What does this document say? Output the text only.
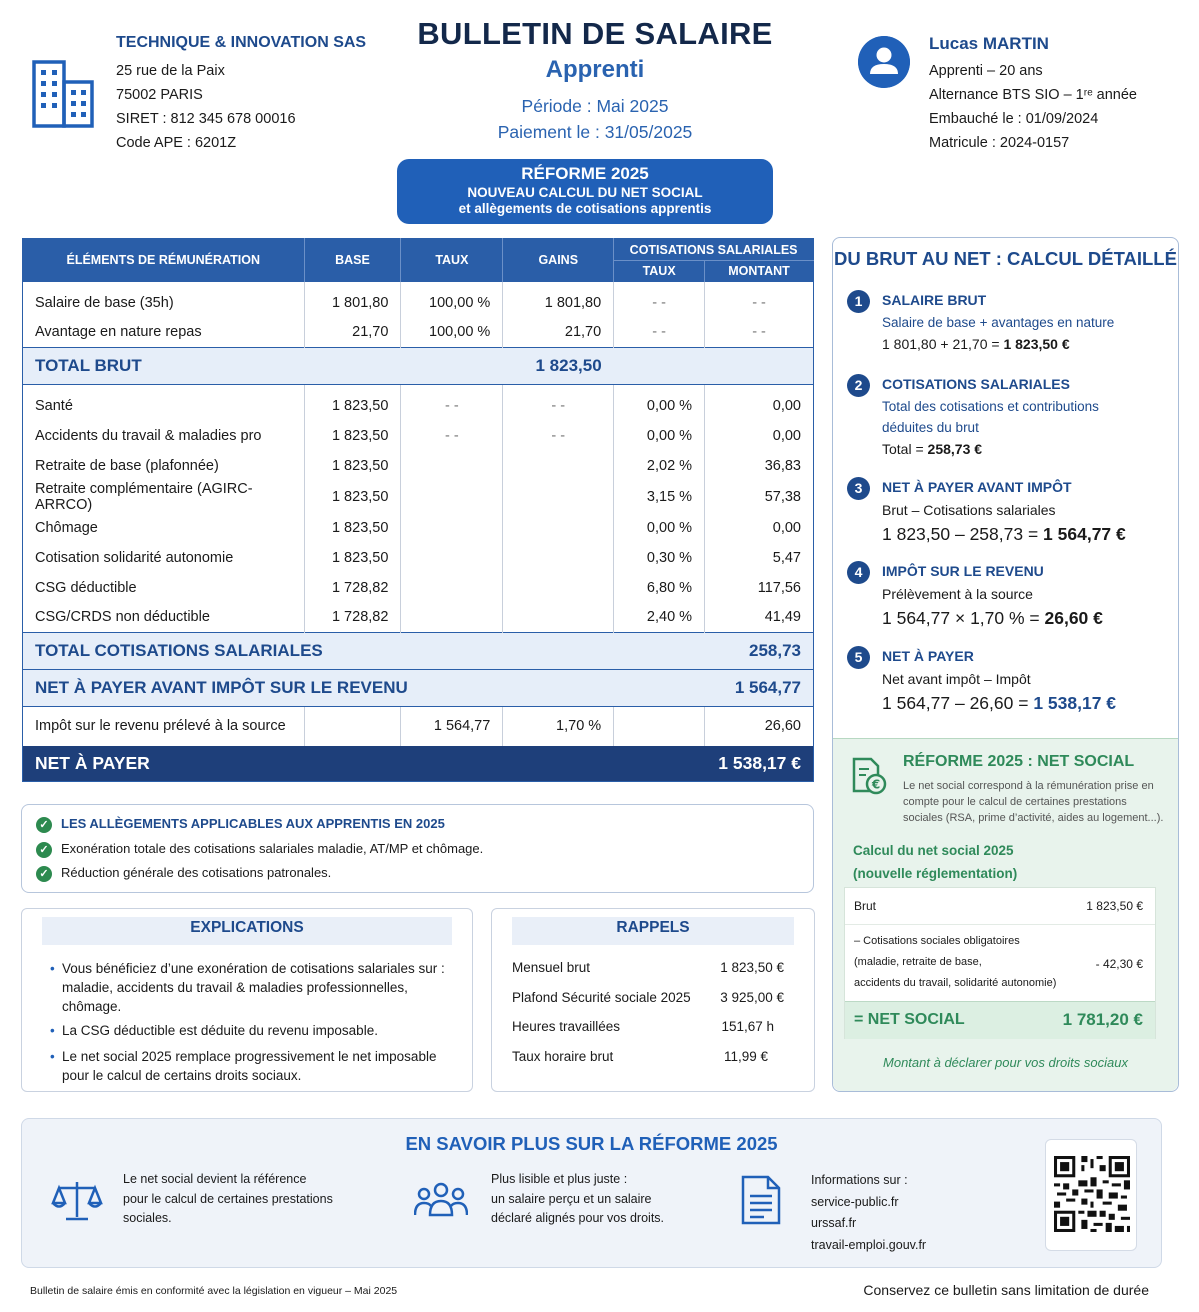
TECHNIQUE & INNOVATION SAS
25 rue de la Paix
75002 PARIS
SIRET : 812 345 678 00016
Code APE : 6201Z
BULLETIN DE SALAIRE
Apprenti
Période : Mai 2025
Paiement le : 31/05/2025
RÉFORME 2025
NOUVEAU CALCUL DU NET SOCIAL
et allègements de cotisations apprentis
Lucas MARTIN
Apprenti – 20 ans
Alternance BTS SIO – 1ʳᵉ année
Embauché le : 01/09/2024
Matricule : 2024-0157
ÉLÉMENTS DE RÉMUNÉRATION	BASE	TAUX	GAINS	COTISATIONS SALARIALES	
				TAUX	MONTANT

Salaire de base (35h)	1 801,80	100,00 %	1 801,80	- -	- -
Avantage en nature repas	21,70	100,00 %	21,70	- -	- -
TOTAL BRUT			1 823,50		

Santé	1 823,50	- -	- -	0,00 %	0,00
Accidents du travail & maladies pro	1 823,50	- -	- -	0,00 %	0,00
Retraite de base (plafonnée)	1 823,50			2,02 %	36,83
Retraite complémentaire (AGIRC-ARRCO)	1 823,50			3,15 %	57,38
Chômage	1 823,50			0,00 %	0,00
Cotisation solidarité autonomie	1 823,50			0,30 %	5,47
CSG déductible	1 728,82			6,80 %	117,56
CSG/CRDS non déductible	1 728,82			2,40 %	41,49
TOTAL COTISATIONS SALARIALES					258,73
NET À PAYER AVANT IMPÔT SUR LE REVENU					1 564,77
Impôt sur le revenu prélevé à la source		1 564,77	1,70 %		26,60
NET À PAYER					1 538,17 €
✓ LES ALLÈGEMENTS APPLICABLES AUX APPRENTIS EN 2025
✓ Exonération totale des cotisations salariales maladie, AT/MP et chômage.
✓ Réduction générale des cotisations patronales.
EXPLICATIONS
• Vous bénéficiez d’une exonération de cotisations salariales sur : maladie, accidents du travail & maladies professionnelles, chômage.
• La CSG déductible est déduite du revenu imposable.
• Le net social 2025 remplace progressivement le net imposable pour le calcul de certains droits sociaux.
RAPPELS
Mensuel brut	1 823,50 €
Plafond Sécurité sociale 2025 3 925,00 €
Heures travaillées	151,67 h
Taux horaire brut	11,99 €
DU BRUT AU NET : CALCUL DÉTAILLÉ
1	SALAIRE BRUT
Salaire de base + avantages en nature
1 801,80 + 21,70 = 1 823,50 €
2	COTISATIONS SALARIALES
Total des cotisations et contributions
déduites du brut
Total = 258,73 €
3	NET À PAYER AVANT IMPÔT
Brut – Cotisations salariales
1 823,50 – 258,73 = 1 564,77 €
4	IMPÔT SUR LE REVENU
Prélèvement à la source
1 564,77 × 1,70 % = 26,60 €
5	NET À PAYER
Net avant impôt – Impôt
1 564,77 – 26,60 = 1 538,17 €
€
RÉFORME 2025 : NET SOCIAL
Le net social correspond à la rémunération prise en compte pour le calcul de certaines prestations sociales (RSA, prime d’activité, aides au logement...).
Calcul du net social 2025
(nouvelle réglementation)
Brut	1 823,50 €
– Cotisations sociales obligatoires
(maladie, retraite de base,
accidents du travail, solidarité autonomie)
- 42,30 €
= NET SOCIAL	1 781,20 €
Montant à déclarer pour vos droits sociaux
EN SAVOIR PLUS SUR LA RÉFORME 2025
Le net social devient la référence
pour le calcul de certaines prestations
sociales.
Plus lisible et plus juste :
un salaire perçu et un salaire
déclaré alignés pour vos droits.
Informations sur :
service-public.fr
urssaf.fr
travail-emploi.gouv.fr
Bulletin de salaire émis en conformité avec la législation en vigueur – Mai 2025	Conservez ce bulletin sans limitation de durée
